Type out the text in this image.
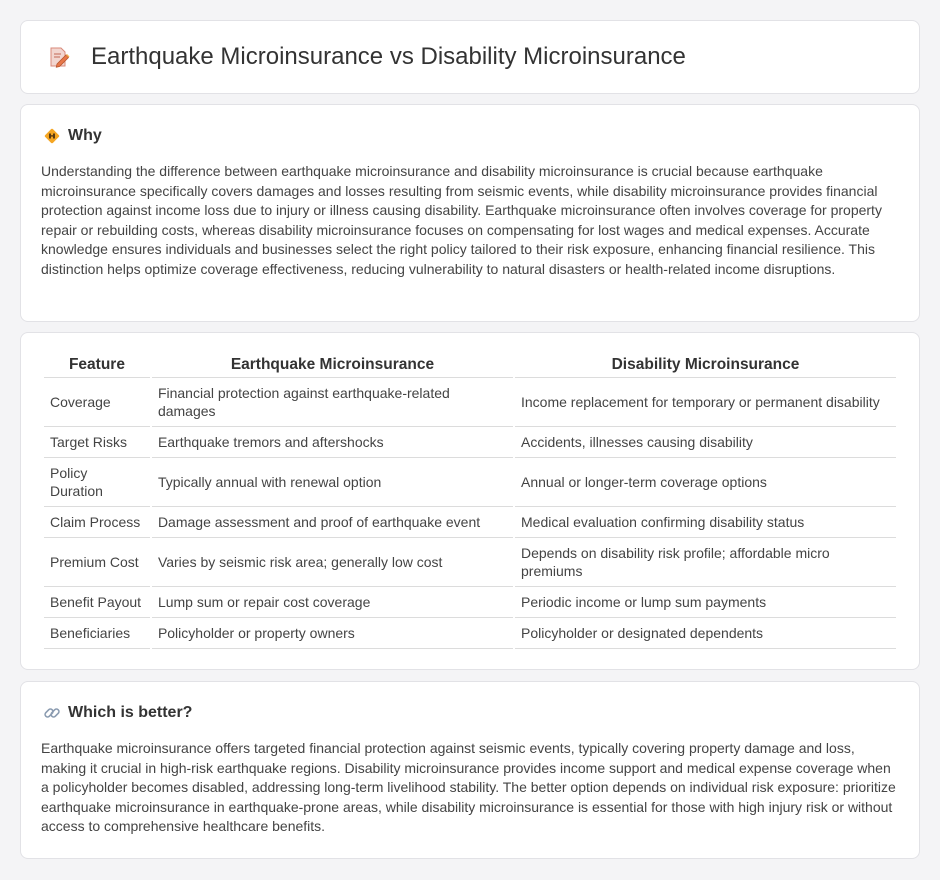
Earthquake Microinsurance vs Disability Microinsurance
Why

Understanding the difference between earthquake microinsurance and disability microinsurance is crucial because earthquake microinsurance specifically covers damages and losses resulting from seismic events, while disability microinsurance provides financial protection against income loss due to injury or illness causing disability. Earthquake microinsurance often involves coverage for property repair or rebuilding costs, whereas disability microinsurance focuses on compensating for lost wages and medical expenses. Accurate knowledge ensures individuals and businesses select the right policy tailored to their risk exposure, enhancing financial resilience. This distinction helps optimize coverage effectiveness, reducing vulnerability to natural disasters or health-related income disruptions.

Feature	Earthquake Microinsurance	Disability Microinsurance
Coverage	Financial protection against earthquake-related damages	Income replacement for temporary or permanent disability
Target Risks	Earthquake tremors and aftershocks	Accidents, illnesses causing disability
Policy Duration	Typically annual with renewal option	Annual or longer-term coverage options
Claim Process	Damage assessment and proof of earthquake event	Medical evaluation confirming disability status
Premium Cost	Varies by seismic risk area; generally low cost	Depends on disability risk profile; affordable micro premiums
Benefit Payout	Lump sum or repair cost coverage	Periodic income or lump sum payments
Beneficiaries	Policyholder or property owners	Policyholder or designated dependents
Which is better?

Earthquake microinsurance offers targeted financial protection against seismic events, typically covering property damage and loss, making it crucial in high-risk earthquake regions. Disability microinsurance provides income support and medical expense coverage when a policyholder becomes disabled, addressing long-term livelihood stability. The better option depends on individual risk exposure: prioritize earthquake microinsurance in earthquake-prone areas, while disability microinsurance is essential for those with high injury risk or without access to comprehensive healthcare benefits.
